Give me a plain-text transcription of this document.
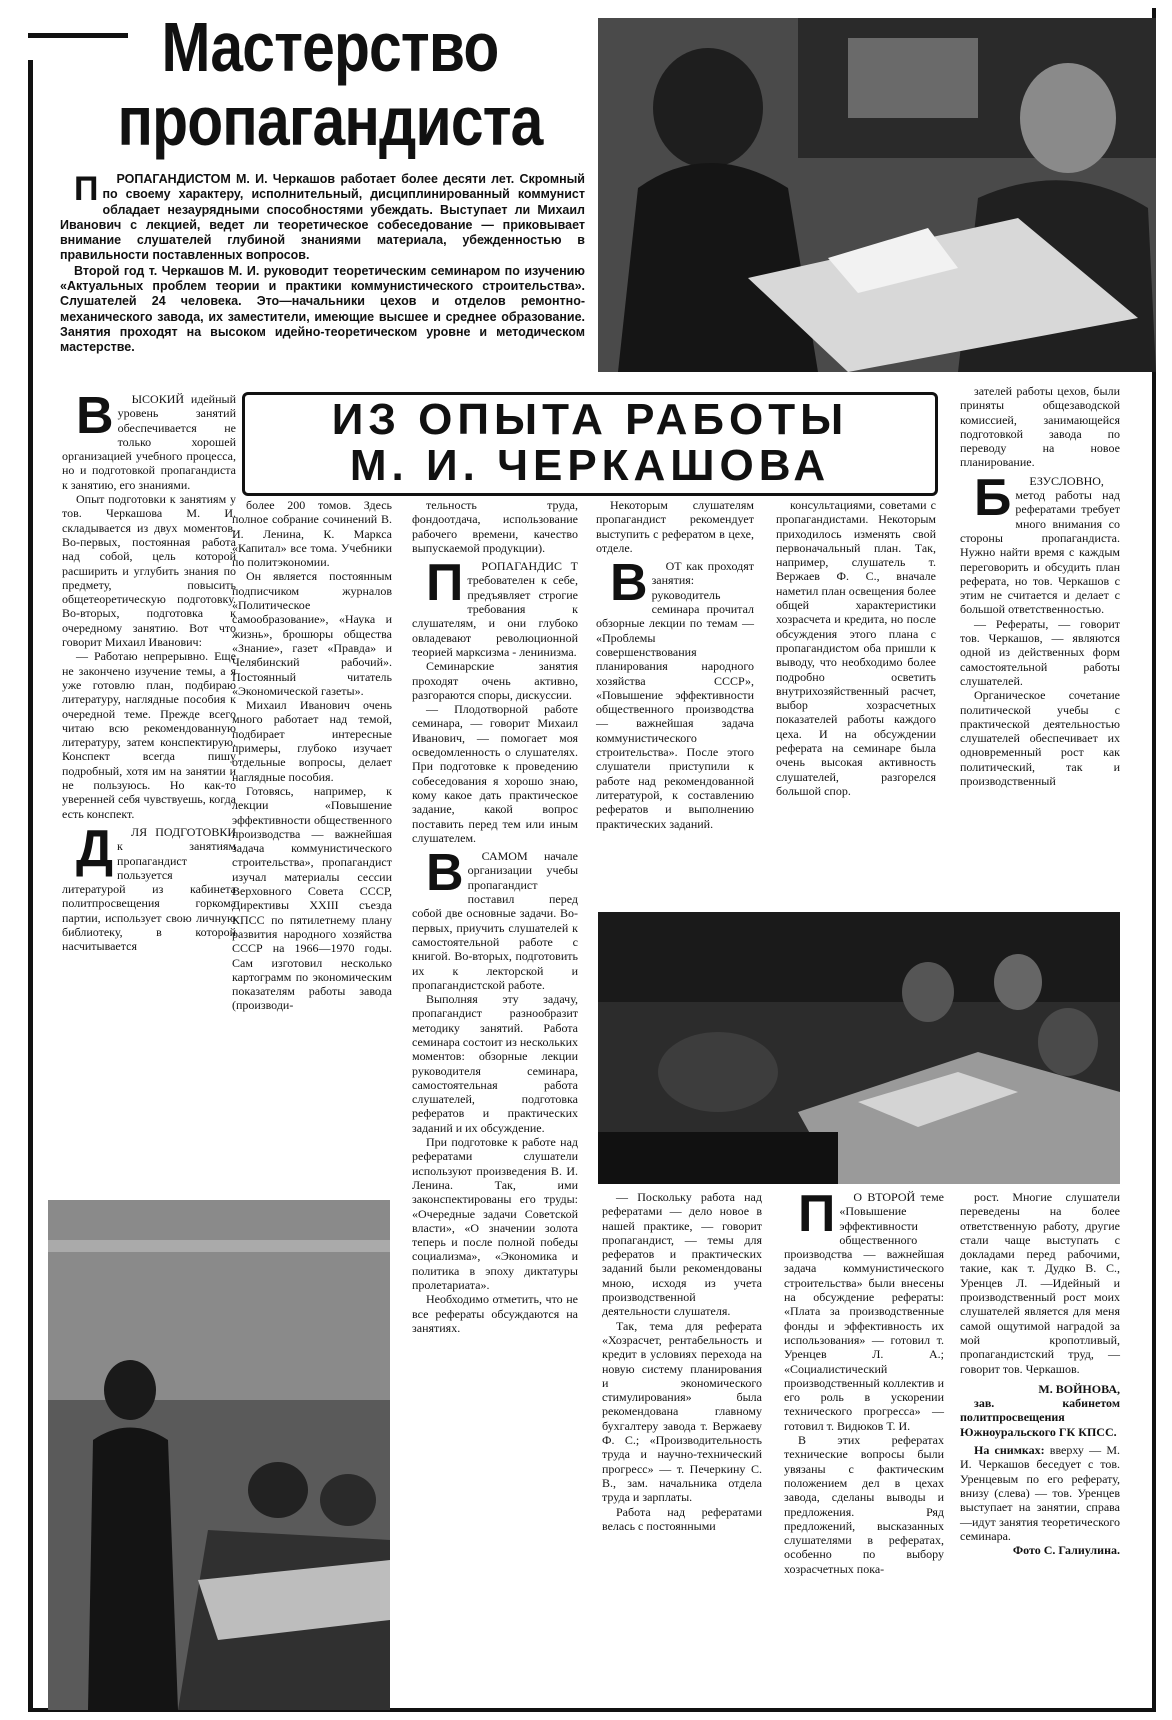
Мастерство
пропагандиста

П РОПАГАНДИСТОМ М. И. Черкашов работает более десяти лет. Скромный по своему характеру, исполнительный, дисциплинированный коммунист обладает незаурядными способностями убеждать. Выступает ли Михаил Иванович с лекцией, ведет ли теоретическое собеседование — приковывает внимание слушателей глубиной знаниями материала, убежденностью в правильности поставленных вопросов.

Второй год т. Черкашов М. И. руководит теоретическим семинаром по изучению «Актуальных проблем теории и практики коммунистического строительства». Слушателей 24 человека. Это—начальники цехов и отделов ремонтно-механического завода, их заместители, имеющие высшее и среднее образование. Занятия проходят на высоком идейно-теоретическом уровне и методическом мастерстве.

ИЗ ОПЫТА РАБОТЫ
М. И. ЧЕРКАШОВА

В ЫСОКИЙ идейный уровень занятий обеспечивается не только хорошей организацией учебного процесса, но и подготовкой пропагандиста к занятию, его знаниями.

Опыт подготовки к занятиям у тов. Черкашова М. И. складывается из двух моментов. Во-первых, постоянная работа над собой, цель которой расширить и углубить знания по предмету, повысить общетеоретическую подготовку. Во-вторых, подготовка к очередному занятию. Вот что говорит Михаил Иванович:

— Работаю непрерывно. Еще не закончено изучение темы, а я уже готовлю план, подбираю литературу, наглядные пособия к очередной теме. Прежде всего читаю всю рекомендованную литературу, затем конспектирую. Конспект всегда пишу подробный, хотя им на занятии и не пользуюсь. Но как-то уверенней себя чувствуешь, когда есть конспект.

Д ЛЯ ПОДГОТОВКИ к занятиям пропагандист пользуется литературой из кабинета политпросвещения горкома партии, использует свою личную библиотеку, в которой насчитывается

более 200 томов. Здесь полное собрание сочинений В. И. Ленина, К. Маркса «Капитал» все тома. Учебники по политэкономии.

Он является постоянным подписчиком журналов «Политическое самообразование», «Наука и жизнь», брошюры общества «Знание», газет «Правда» и Челябинский рабочий». Постоянный читатель «Экономической газеты».

Михаил Иванович очень много работает над темой, подбирает интересные примеры, глубоко изучает отдельные вопросы, делает наглядные пособия.

Готовясь, например, к лекции «Повышение эффективности общественного производства — важнейшая задача коммунистического строительства», пропагандист изучал материалы сессии Верховного Совета СССР, Директивы XXIII съезда КПСС по пятилетнему плану развития народного хозяйства СССР на 1966—1970 годы. Сам изготовил несколько картограмм по экономическим показателям работы завода (производи-

тельность труда, фондоотдача, использование рабочего времени, качество выпускаемой продукции).

П РОПАГАНДИС Т требователен к себе, предъявляет строгие требования к слушателям, и они глубоко овладевают революционной теорией марксизма - ленинизма.

Семинарские занятия проходят очень активно, разгораются споры, дискуссии.

— Плодотворной работе семинара, — говорит Михаил Иванович, — помогает моя осведомленность о слушателях. При подготовке к проведению собеседования я хорошо знаю, кому какое дать практическое задание, какой вопрос поставить перед тем или иным слушателем.

В САМОМ начале организации учебы пропагандист поставил перед собой две основные задачи. Во-первых, приучить слушателей к самостоятельной работе с книгой. Во-вторых, подготовить их к лекторской и пропагандистской работе.

Выполняя эту задачу, пропагандист разнообразит методику занятий. Работа семинара состоит из нескольких моментов: обзорные лекции руководителя семинара, самостоятельная работа слушателей, подготовка рефератов и практических заданий и их обсуждение.

При подготовке к работе над рефератами слушатели используют произведения В. И. Ленина. Так, ими законспектированы его труды: «Очередные задачи Советской власти», «О значении золота теперь и после полной победы социализма», «Экономика и политика в эпоху диктатуры пролетариата».

Необходимо отметить, что не все рефераты обсуждаются на занятиях.

Некоторым слушателям пропагандист рекомендует выступить с рефератом в цехе, отделе.

В ОТ как проходят занятия: руководитель семинара прочитал обзорные лекции по темам — «Проблемы совершенствования планирования народного хозяйства СССР», «Повышение эффективности общественного производства — важнейшая задача коммунистического строительства». После этого слушатели приступили к работе над рекомендованной литературой, к составлению рефератов и выполнению практических заданий.

консультациями, советами с пропагандистами. Некоторым приходилось изменять свой первоначальный план. Так, например, слушатель т. Вержаев Ф. С., вначале наметил план освещения более общей характеристики хозрасчета и кредита, но после обсуждения этого плана с пропагандистом оба пришли к выводу, что необходимо более подробно осветить внутрихозяйственный расчет, выбор хозрасчетных показателей работы каждого цеха. И на обсуждении реферата на семинаре была очень высокая активность слушателей, разгорелся большой спор.

зателей работы цехов, были приняты общезаводской комиссией, занимающейся подготовкой завода по переводу на новое планирование.

Б ЕЗУСЛОВНО, метод работы над рефератами требует много внимания со стороны пропагандиста. Нужно найти время с каждым переговорить и обсудить план реферата, но тов. Черкашов с этим не считается и делает с большой ответственностью.

— Рефераты, — говорит тов. Черкашов, — являются одной из действенных форм самостоятельной работы слушателей.

Органическое сочетание политической учебы с практической деятельностью слушателей обеспечивает их одновременный рост как политический, так и производственный

— Поскольку работа над рефератами — дело новое в нашей практике, — говорит пропагандист, — темы для рефератов и практических заданий были рекомендованы мною, исходя из учета производственной деятельности слушателя.

Так, тема для реферата «Хозрасчет, рентабельность и кредит в условиях перехода на новую систему планирования и экономического стимулирования» была рекомендована главному бухгалтеру завода т. Вержаеву Ф. С.; «Производительность труда и научно-технический прогресс» — т. Печеркину С. В., зам. начальника отдела труда и зарплаты.

Работа над рефератами велась с постоянными

П О ВТОРОЙ теме «Повышение эффективности общественного производства — важнейшая задача коммунистического строительства» были внесены на обсуждение рефераты: «Плата за производственные фонды и эффективность их использования» — готовил т. Уренцев Л. А.; «Социалистический производственный коллектив и его роль в ускорении технического прогресса» — готовил т. Видюков Т. И.

В этих рефератах технические вопросы были увязаны с фактическим положением дел в цехах завода, сделаны выводы и предложения. Ряд предложений, высказанных слушателями в рефератах, особенно по выбору хозрасчетных пока-

рост. Многие слушатели переведены на более ответственную работу, другие стали чаще выступать с докладами перед рабочими, такие, как т. Дудко В. С., Уренцев Л. —Идейный и производственный рост моих слушателей является для меня самой ощутимой наградой за мой кропотливый, пропагандистский труд, — говорит тов. Черкашов.

М. ВОЙНОВА,

зав. кабинетом политпросвещения Южноуральского ГК КПСС.

На снимках: вверху — М. И. Черкашов беседует с тов. Уренцевым по его реферату, внизу (слева) — тов. Уренцев выступает на занятии, справа —идут занятия теоретического семинара.

Фото С. Галиулина.
